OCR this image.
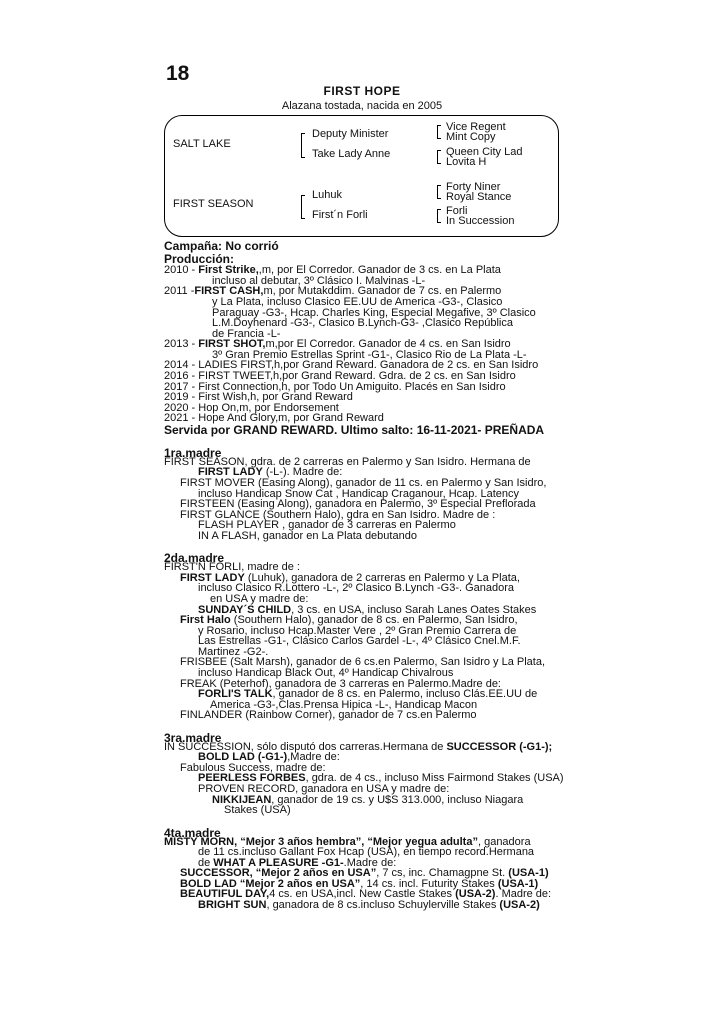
18
FIRST HOPE
Alazana tostada, nacida en 2005
SALT LAKE
FIRST SEASON
Deputy Minister
Take Lady Anne
Luhuk
First´n Forli
Vice Regent
Mint Copy
Queen City Lad
Lovita H
Forty Niner
Royal Stance
Forli
In Succession
Campaña: No corrió
Producción:
2010 - First Strike,,m, por El Corredor. Ganador de 3 cs. en La Plata
incluso al debutar, 3º Clásico I. Malvinas -L-
2011 -FIRST CASH,m, por Mutakddim. Ganador de 7 cs. en Palermo
y La Plata, incluso Clasico EE.UU de America -G3-, Clasico
Paraguay -G3-, Hcap. Charles King, Especial Megafive, 3º Clasico
L.M.Doyhenard -G3-, Clasico B.Lynch-G3- ,Clasico República
de Francia -L-
2013 - FIRST SHOT,m,por El Corredor. Ganador de 4 cs. en San Isidro
3º Gran Premio Estrellas Sprint -G1-, Clasico Rio de La Plata -L-
2014 - LADIES FIRST,h,por Grand Reward. Ganadora de 2 cs. en San Isidro
2016 - FIRST TWEET,h,por Grand Reward. Gdra. de 2 cs. en San Isidro
2017 - First Connection,h, por Todo Un Amiguito. Placés en San Isidro
2019 - First Wish,h, por Grand Reward
2020 - Hop On,m, por Endorsement
2021 - Hope And Glory,m, por Grand Reward
Servida por GRAND REWARD. Ultimo salto: 16-11-2021- PREÑADA
1ra.madre
2da.madre
3ra.madre
4ta.madre
FIRST SEASON, gdra. de 2 carreras en Palermo y San Isidro. Hermana de
FIRST LADY (-L-). Madre de:
FIRST MOVER (Easing Along), ganador de 11 cs. en Palermo y San Isidro,
incluso Handicap Snow Cat , Handicap Craganour, Hcap. Latency
FIRSTEEN (Easing Along), ganadora en Palermo, 3º Especial Preflorada
FIRST GLANCE (Southern Halo), gdra en San Isidro. Madre de :
FLASH PLAYER , ganador de 3 carreras en Palermo
IN A FLASH, ganador en La Plata debutando
FIRST'N FORLI, madre de :
FIRST LADY (Luhuk), ganadora de 2 carreras en Palermo y La Plata,
incluso Clasico R.Lottero -L-, 2º Clasico B.Lynch -G3-. Ganadora
en USA y madre de:
SUNDAY´S CHILD, 3 cs. en USA, incluso Sarah Lanes Oates Stakes
First Halo (Southern Halo), ganador de 8 cs. en Palermo, San Isidro,
y Rosario, incluso Hcap.Master Vere , 2º Gran Premio Carrera de
Las Estrellas -G1-, Clásico Carlos Gardel -L-, 4º Clásico Cnel.M.F.
Martinez -G2-.
FRISBEE (Salt Marsh), ganador de 6 cs.en Palermo, San Isidro y La Plata,
incluso Handicap Black Out, 4º Handicap Chivalrous
FREAK (Peterhof), ganadora de 3 carreras en Palermo.Madre de:
FORLI'S TALK, ganador de 8 cs. en Palermo, incluso Clás.EE.UU de
America -G3-,Clas.Prensa Hipica -L-, Handicap Macon
FINLANDER (Rainbow Corner), ganador de 7 cs.en Palermo
IN SUCCESSION, sólo disputó dos carreras.Hermana de SUCCESSOR (-G1-);
BOLD LAD (-G1-),Madre de:
Fabulous Success, madre de:
PEERLESS FORBES, gdra. de 4 cs., incluso Miss Fairmond Stakes (USA)
PROVEN RECORD, ganadora en USA y madre de:
NIKKIJEAN, ganador de 19 cs. y U$S 313.000, incluso Niagara
Stakes (USA)
MISTY MORN, “Mejor 3 años hembra”, “Mejor yegua adulta”, ganadora
de 11 cs.incluso Gallant Fox Hcap (USA), en tiempo record.Hermana
de WHAT A PLEASURE -G1-.Madre de:
SUCCESSOR, “Mejor 2 años en USA”, 7 cs, inc. Chamagpne St. (USA-1)
BOLD LAD “Mejor 2 años en USA”, 14 cs. incl. Futurity Stakes (USA-1)
BEAUTIFUL DAY,4 cs. en USA,incl. New Castle Stakes (USA-2). Madre de:
BRIGHT SUN, ganadora de 8 cs.incluso Schuylerville Stakes (USA-2)
